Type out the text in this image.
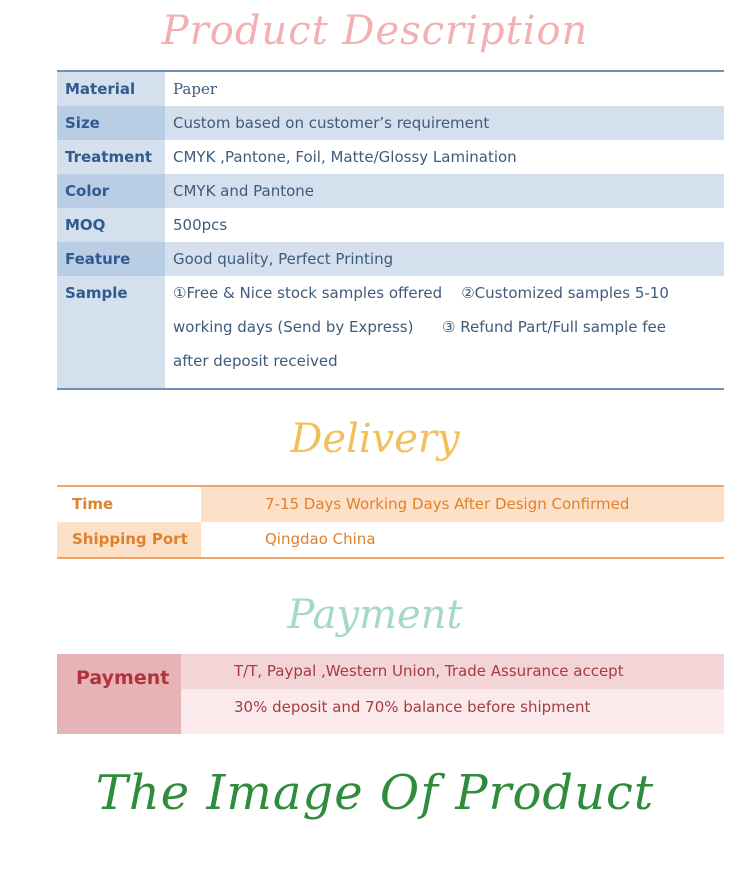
Product Description
Material	Paper
Size	Custom based on customer’s requirement
Treatment	CMYK ,Pantone, Foil, Matte/Glossy Lamination
Color	CMYK and Pantone
MOQ	500pcs
Feature	Good quality, Perfect Printing
Sample	①Free & Nice stock samples offered    ②Customized samples 5-10
working days (Send by Express)      ③ Refund Part/Full sample fee
after deposit received
Delivery
Time	7-15 Days Working Days After Design Confirmed
Shipping Port	Qingdao China
Payment
Payment	T/T, Paypal ,Western Union, Trade Assurance accept
30% deposit and 70% balance before shipment
The Image Of Product
